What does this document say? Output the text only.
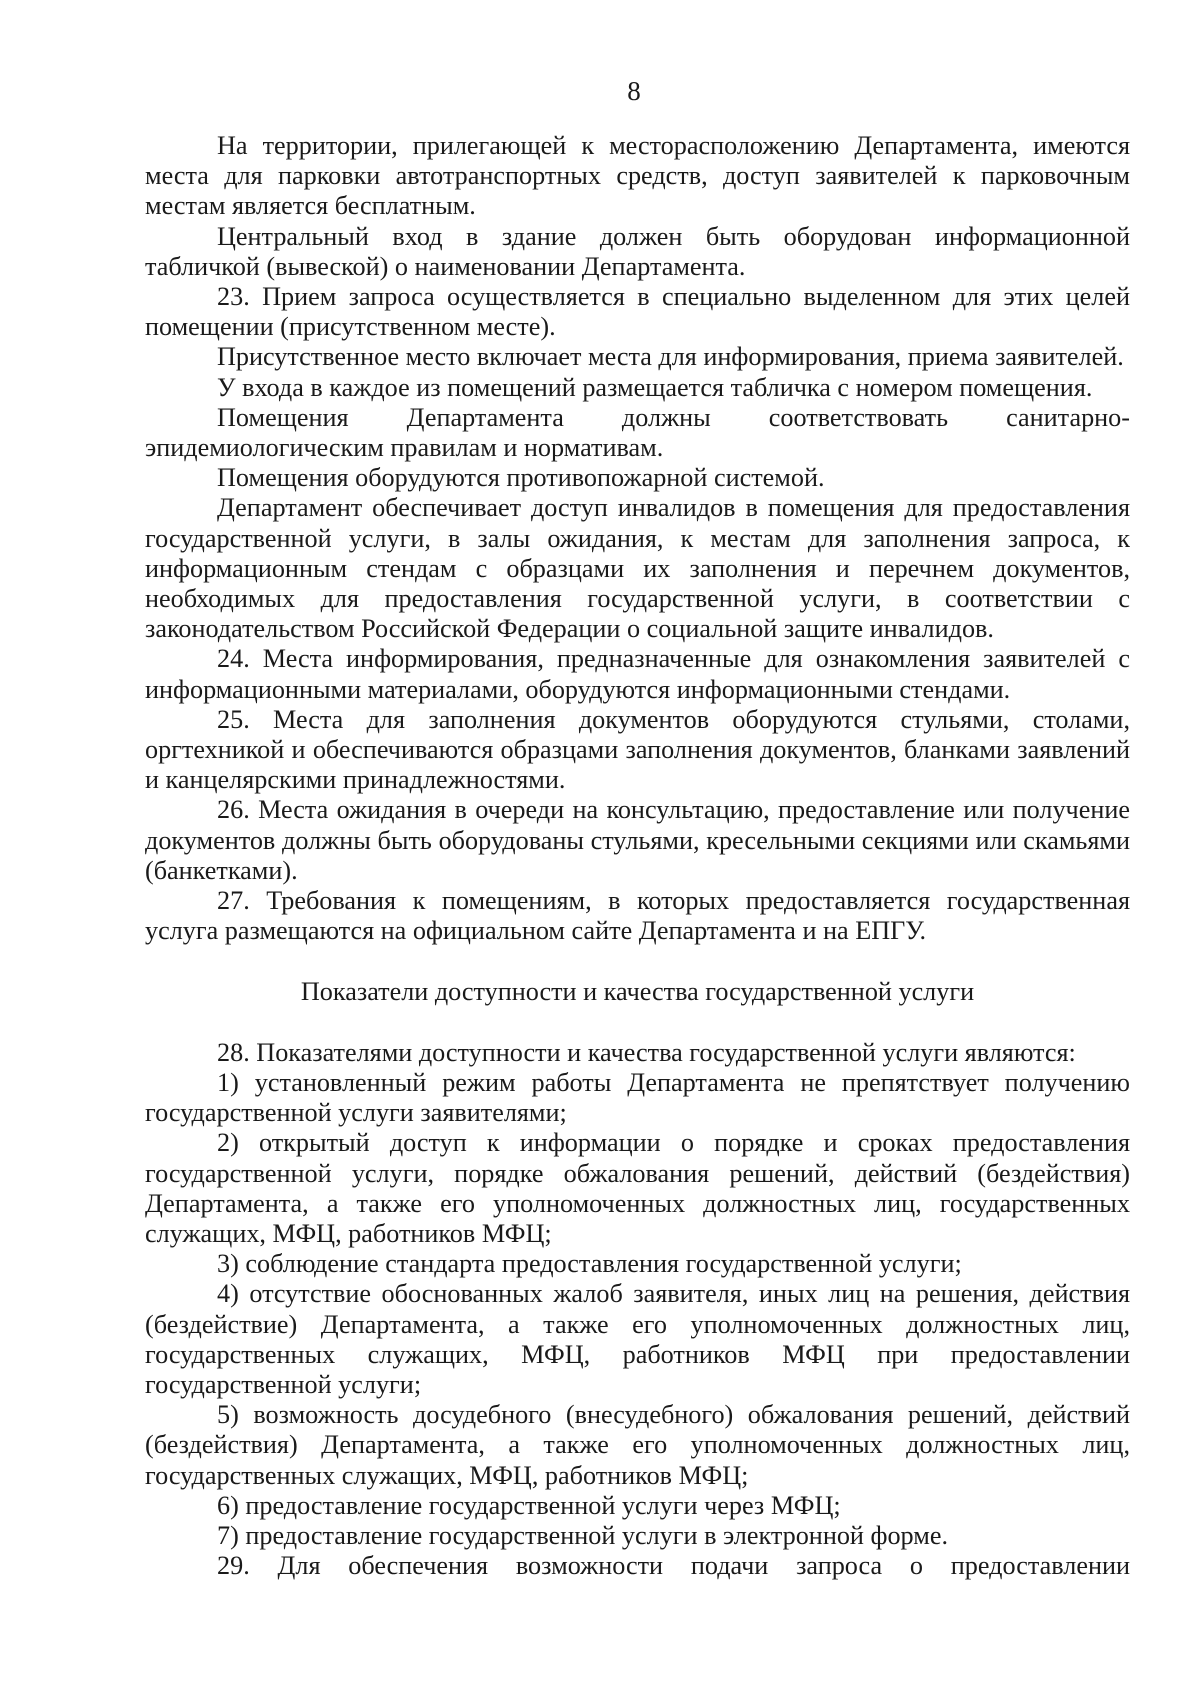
8

На территории, прилегающей к месторасположению Департамента, имеются места для парковки автотранспортных средств, доступ заявителей к парковочным местам является бесплатным.

Центральный вход в здание должен быть оборудован информационной табличкой (вывеской) о наименовании Департамента.

23. Прием запроса осуществляется в специально выделенном для этих целей помещении (присутственном месте).

Присутственное место включает места для информирования, приема заявителей.

У входа в каждое из помещений размещается табличка с номером помещения.

Помещения Департамента должны соответствовать санитарно-эпидемиологическим правилам и нормативам.

Помещения оборудуются противопожарной системой.

Департамент обеспечивает доступ инвалидов в помещения для предоставления государственной услуги, в залы ожидания, к местам для заполнения запроса, к информационным стендам с образцами их заполнения и перечнем документов, необходимых для предоставления государственной услуги, в соответствии с законодательством Российской Федерации о социальной защите инвалидов.

24. Места информирования, предназначенные для ознакомления заявителей с информационными материалами, оборудуются информационными стендами.

25. Места для заполнения документов оборудуются стульями, столами, оргтехникой и обеспечиваются образцами заполнения документов, бланками заявлений и канцелярскими принадлежностями.

26. Места ожидания в очереди на консультацию, предоставление или получение документов должны быть оборудованы стульями, кресельными секциями или скамьями (банкетками).

27. Требования к помещениям, в которых предоставляется государственная услуга размещаются на официальном сайте Департамента и на ЕПГУ.

Показатели доступности и качества государственной услуги

28. Показателями доступности и качества государственной услуги являются:

1) установленный режим работы Департамента не препятствует получению государственной услуги заявителями;

2) открытый доступ к информации о порядке и сроках предоставления государственной услуги, порядке обжалования решений, действий (бездействия) Департамента, а также его уполномоченных должностных лиц, государственных служащих, МФЦ, работников МФЦ;

3) соблюдение стандарта предоставления государственной услуги;

4) отсутствие обоснованных жалоб заявителя, иных лиц на решения, действия (бездействие) Департамента, а также его уполномоченных должностных лиц, государственных служащих, МФЦ, работников МФЦ при предоставлении государственной услуги;

5) возможность досудебного (внесудебного) обжалования решений, действий (бездействия) Департамента, а также его уполномоченных должностных лиц, государственных служащих, МФЦ, работников МФЦ;

6) предоставление государственной услуги через МФЦ;

7) предоставление государственной услуги в электронной форме.

29. Для обеспечения возможности подачи запроса о предоставлении
